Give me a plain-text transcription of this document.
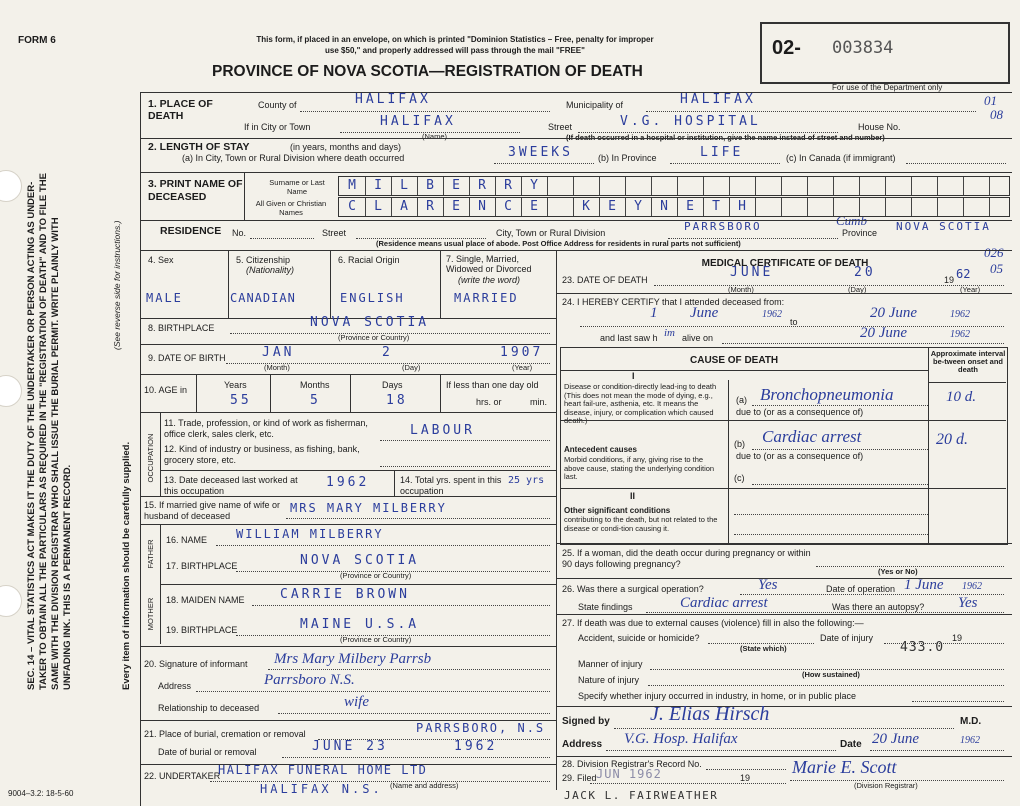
FORM 6	This form, if placed in an envelope, on which is printed "Dominion Statistics – Free, penalty for improper
use $50," and properly addressed will pass through the mail "FREE"
PROVINCE OF NOVA SCOTIA—REGISTRATION OF DEATH
02- 003834
For use of the Department only
01
08
026
05
Cumb
SEC. 14 – VITAL STATISTICS ACT MAKES IT THE DUTY OF THE UNDERTAKER OR PERSON ACTING AS UNDER-TAKER TO OBTAIN ALL THE PARTICULARS AS REQUIRED IN THE "REGISTRATION OF DEATH" AND TO FILE THE SAME WITH THE DIVISION REGISTRAR WHO SHALL ISSUE THE BURIAL PERMIT. WRITE PLAINLY WITH UNFADING INK. THIS IS A PERMANENT RECORD.	Every item of information should be carefully supplied.
(See reverse side for instructions.)
1. PLACE OF DEATH
County of	HALIFAX	Municipality of	HALIFAX
If in City or Town	HALIFAX
(Name)
Street	V.G. HOSPITAL	House No.
(If death occurred in a hospital or institution, give the name instead of street and number)
2. LENGTH OF STAY	(in years, months and days)
(a) In City, Town or Rural Division where death occurred	3WEEKS	(b) In Province	LIFE	(c) In Canada (if immigrant)
3. PRINT NAME OF DECEASED
Surname or Last Name
All Given or Christian Names
M	I	L	B	E	R	R	Y
C	L	A	R	E	N	C	E	K	E	Y	N	E	T	H
RESIDENCE No.	Street	City, Town or Rural Division	PARRSBORO	Province NOVA SCOTIA
(Residence means usual place of abode. Post Office Address for residents in rural parts not sufficient)
4. Sex	5. Citizenship
(Nationality)
6. Racial Origin	7. Single, Married, Widowed or Divorced
(write the word)
MALE	CANADIAN	ENGLISH	MARRIED
8. BIRTHPLACE	NOVA SCOTIA
(Province or Country)
9. DATE OF BIRTH	JAN	2	1907
(Month)	(Day)	(Year)
10. AGE in	Years	Months	Days
55	5	18
If less than one day old
hrs. or	min.
OCCUPATION
11. Trade, profession, or kind of work as fisherman, office clerk, sales clerk, etc.	LABOUR
12. Kind of industry or business, as fishing, bank, grocery store, etc.
13. Date deceased last worked at this occupation
1962	14. Total yrs. spent in this occupation
25 yrs
15. If married give name of wife or husband of deceased
MRS MARY MILBERRY
FATHER 16. NAME WILLIAM MILBERRY
17. BIRTHPLACE	NOVA SCOTIA
(Province or Country)
MOTHER 18. MAIDEN NAME	CARRIE BROWN
19. BIRTHPLACE	MAINE U.S.A
(Province or Country)
20. Signature of informant Mrs Mary Milbery Parrsb
Address	Parrsboro N.S.
Relationship to deceased	wife
21. Place of burial, cremation or removal	PARRSBORO, N.S
Date of burial or removal	JUNE 23	1962
22. UNDERTAKER
HALIFAX FUNERAL HOME LTD
HALIFAX N.S. (Name and address)
9004–3.2: 18-5-60
MEDICAL CERTIFICATE OF DEATH
23. DATE OF DEATH	JUNE	20	19 62
(Month)	(Day)	(Year)
24. I HEREBY CERTIFY that I attended deceased from:
1 June	1962
to
20 June	1962
and last saw h im alive on	20 June	1962
CAUSE OF DEATH
Approximate interval be-tween onset and death
I
Disease or condition-directly lead-ing to death (This does not mean the mode of dying, e.g., heart fail-ure, asthenia, etc. It means the disease, injury, or complication which caused death.)
(a) Bronchopneumonia	10 d.
due to (or as a consequence of)
Antecedent causes
Morbid conditions, if any, giving rise to the above cause, stating the underlying condition last.
(b) Cardiac arrest	20 d.
due to (or as a consequence of)
(c)
II
Other significant conditions
contributing to the death, but not related to the disease or condi-tion causing it.
25. If a woman, did the death occur during pregnancy or within 90 days following pregnancy?
(Yes or No)
26. Was there a surgical operation?	Yes	Date of operation 1 June 1962
State findings	Cardiac arrest	Was there an autopsy? Yes
27. If death was due to external causes (violence) fill in also the following:—
Accident, suicide or homicide?
(State which)
Date of injury	19
Manner of injury
433.0
(How sustained)
Nature of injury
Specify whether injury occurred in industry, in home, or in public place
Signed by J. Elias Hirsch	M.D.
Address V.G. Hosp. Halifax	Date 20 June	1962
28. Division Registrar's Record No.
29. Filed JUN 1962	19
Marie E. Scott
(Division Registrar)
JACK L. FAIRWEATHER
